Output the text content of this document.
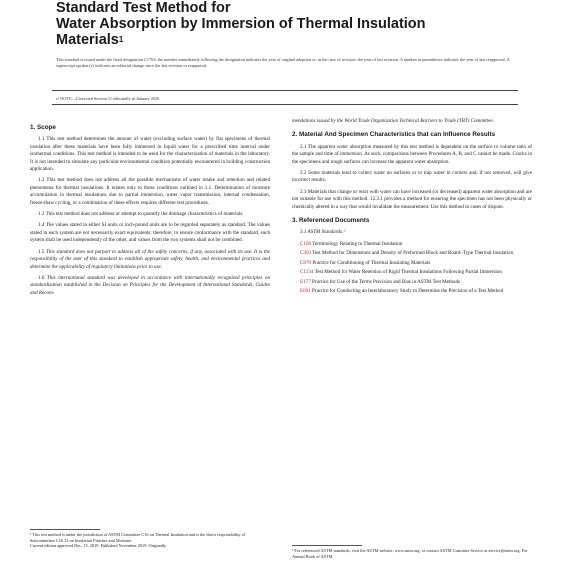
Standard Test Method for
Water Absorption by Immersion of Thermal Insulation
Materials$^1$
This standard is issued under the fixed designation C1763; the number immediately following the designation indicates the year of original adoption or, in the case of revision, the year of last revision. A number in parentheses indicates the year of last reapproval. A superscript epsilon (ε) indicates an editorial change since the last revision or reapproval.
ε¹ NOTE—Corrected Section 11 editorially in January 2020.
1. Scope

1.1 This test method determines the amount of water (excluding surface water) by flat specimens of thermal insulation after these materials have been fully immersed in liquid water for a prescribed time interval under isothermal conditions. This test method is intended to be used for the characterization of materials in the laboratory. It is not intended to simulate any particular environmental condition potentially encountered in building construction application.

1.2 This test method does not address all the possible mechanisms of water intake and retention and related phenomena for thermal insulations. It relates only to those conditions outlined in 1.1. Determination of moisture accumulation in thermal insulations due to partial immersion, water vapor transmission, internal condensation, freeze-thaw cycling, or a combination of these effects requires different test procedures.

1.3 This test method does not address or attempt to quantify the drainage characteristics of materials.

1.4 The values stated in either SI units or inch-pound units are to be regarded separately as standard. The values stated in each system are not necessarily exact equivalents; therefore, to ensure conformance with the standard, each system shall be used independently of the other, and values from the two systems shall not be combined.

1.5 This standard does not purport to address all of the safety concerns, if any, associated with its use. It is the responsibility of the user of this standard to establish appropriate safety, health, and environmental practices and determine the applicability of regulatory limitations prior to use.

1.6 This international standard was developed in accordance with internationally recognized principles on standardization established in the Decision on Principles for the Development of International Standards, Guides and Recom-

¹ This test method is under the jurisdiction of ASTM Committee C16 on Thermal Insulation and is the direct responsibility of Subcommittee C16.33 on Insulation Finishes and Moisture.
Current edition approved Dec. 15, 2019. Published November 2019. Originally

mendations issued by the World Trade Organization Technical Barriers to Trade (TBT) Committee.

2. Material And Specimen Characteristics that can Influence Results

2.1 The apparent water absorption measured by this test method is dependent on the surface to volume ratio of the sample and time of immersion. As such, comparisons between Procedures A, B, and C cannot be made. Cracks in the specimens and rough surfaces can increase the apparent water absorption.

2.2 Some materials tend to collect water on surfaces or to trap water in corners and, if not removed, will give incorrect results.

2.3 Materials that change or react with water can have increased (or decreased) apparent water absorption and are not suitable for use with this method. 12.3.1 provides a method for ensuring the specimen has not been physically or chemically altered in a way that would invalidate the measurement. Use this method in cases of dispute.

3. Referenced Documents

3.1 ASTM Standards:²

C168 Terminology Relating to Thermal Insulation
C303 Test Method for Dimensions and Density of Preformed Block and Board–Type Thermal Insulation
C870 Practice for Conditioning of Thermal Insulating Materials
C1134 Test Method for Water Retention of Rigid Thermal Insulations Following Partial Immersion
E177 Practice for Use of the Terms Precision and Bias in ASTM Test Methods
E691 Practice for Conducting an Interlaboratory Study to Determine the Precision of a Test Method
² For referenced ASTM standards, visit the ASTM website, www.astm.org, or contact ASTM Customer Service at service@astm.org. For Annual Book of ASTM
